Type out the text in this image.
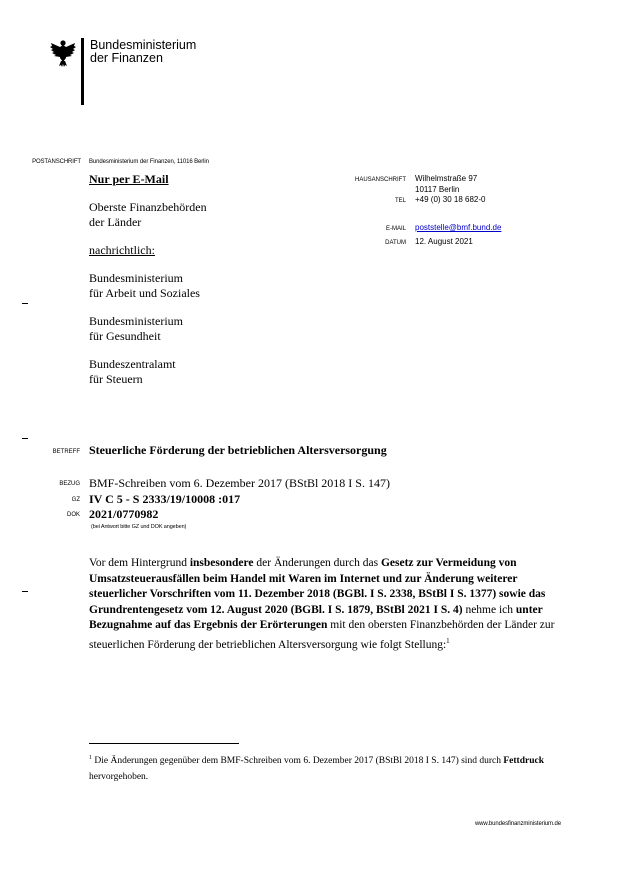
Bundesministerium
der Finanzen
POSTANSCHRIFT Bundesministerium der Finanzen, 11016 Berlin
Nur per E-Mail
Oberste Finanzbehörden
der Länder
nachrichtlich:
Bundesministerium
für Arbeit und Soziales
Bundesministerium
für Gesundheit
Bundeszentralamt
für Steuern
HAUSANSCHRIFT Wilhelmstraße 97
10117 Berlin
TEL +49 (0) 30 18 682-0
E-MAIL poststelle@bmf.bund.de
DATUM 12. August 2021
BETREFF Steuerliche Förderung der betrieblichen Altersversorgung
BEZUG BMF-Schreiben vom 6. Dezember 2017 (BStBl 2018 I S. 147)
GZ IV C 5 - S 2333/19/10008 :017
DOK 2021/0770982
(bei Antwort bitte GZ und DOK angeben)
Vor dem Hintergrund insbesondere der Änderungen durch das Gesetz zur Vermeidung von Umsatzsteuerausfällen beim Handel mit Waren im Internet und zur Änderung weiterer steuerlicher Vorschriften vom 11. Dezember 2018 (BGBl. I S. 2338, BStBl I S. 1377) sowie das Grundrentengesetz vom 12. August 2020 (BGBl. I S. 1879, BStBl 2021 I S. 4) nehme ich unter Bezugnahme auf das Ergebnis der Erörterungen mit den obersten Finanzbehörden der Länder zur steuerlichen Förderung der betrieblichen Altersversorgung wie folgt Stellung:$^1$
$^1$ Die Änderungen gegenüber dem BMF-Schreiben vom 6. Dezember 2017 (BStBl 2018 I S. 147) sind durch Fettdruck hervorgehoben.
www.bundesfinanzministerium.de
